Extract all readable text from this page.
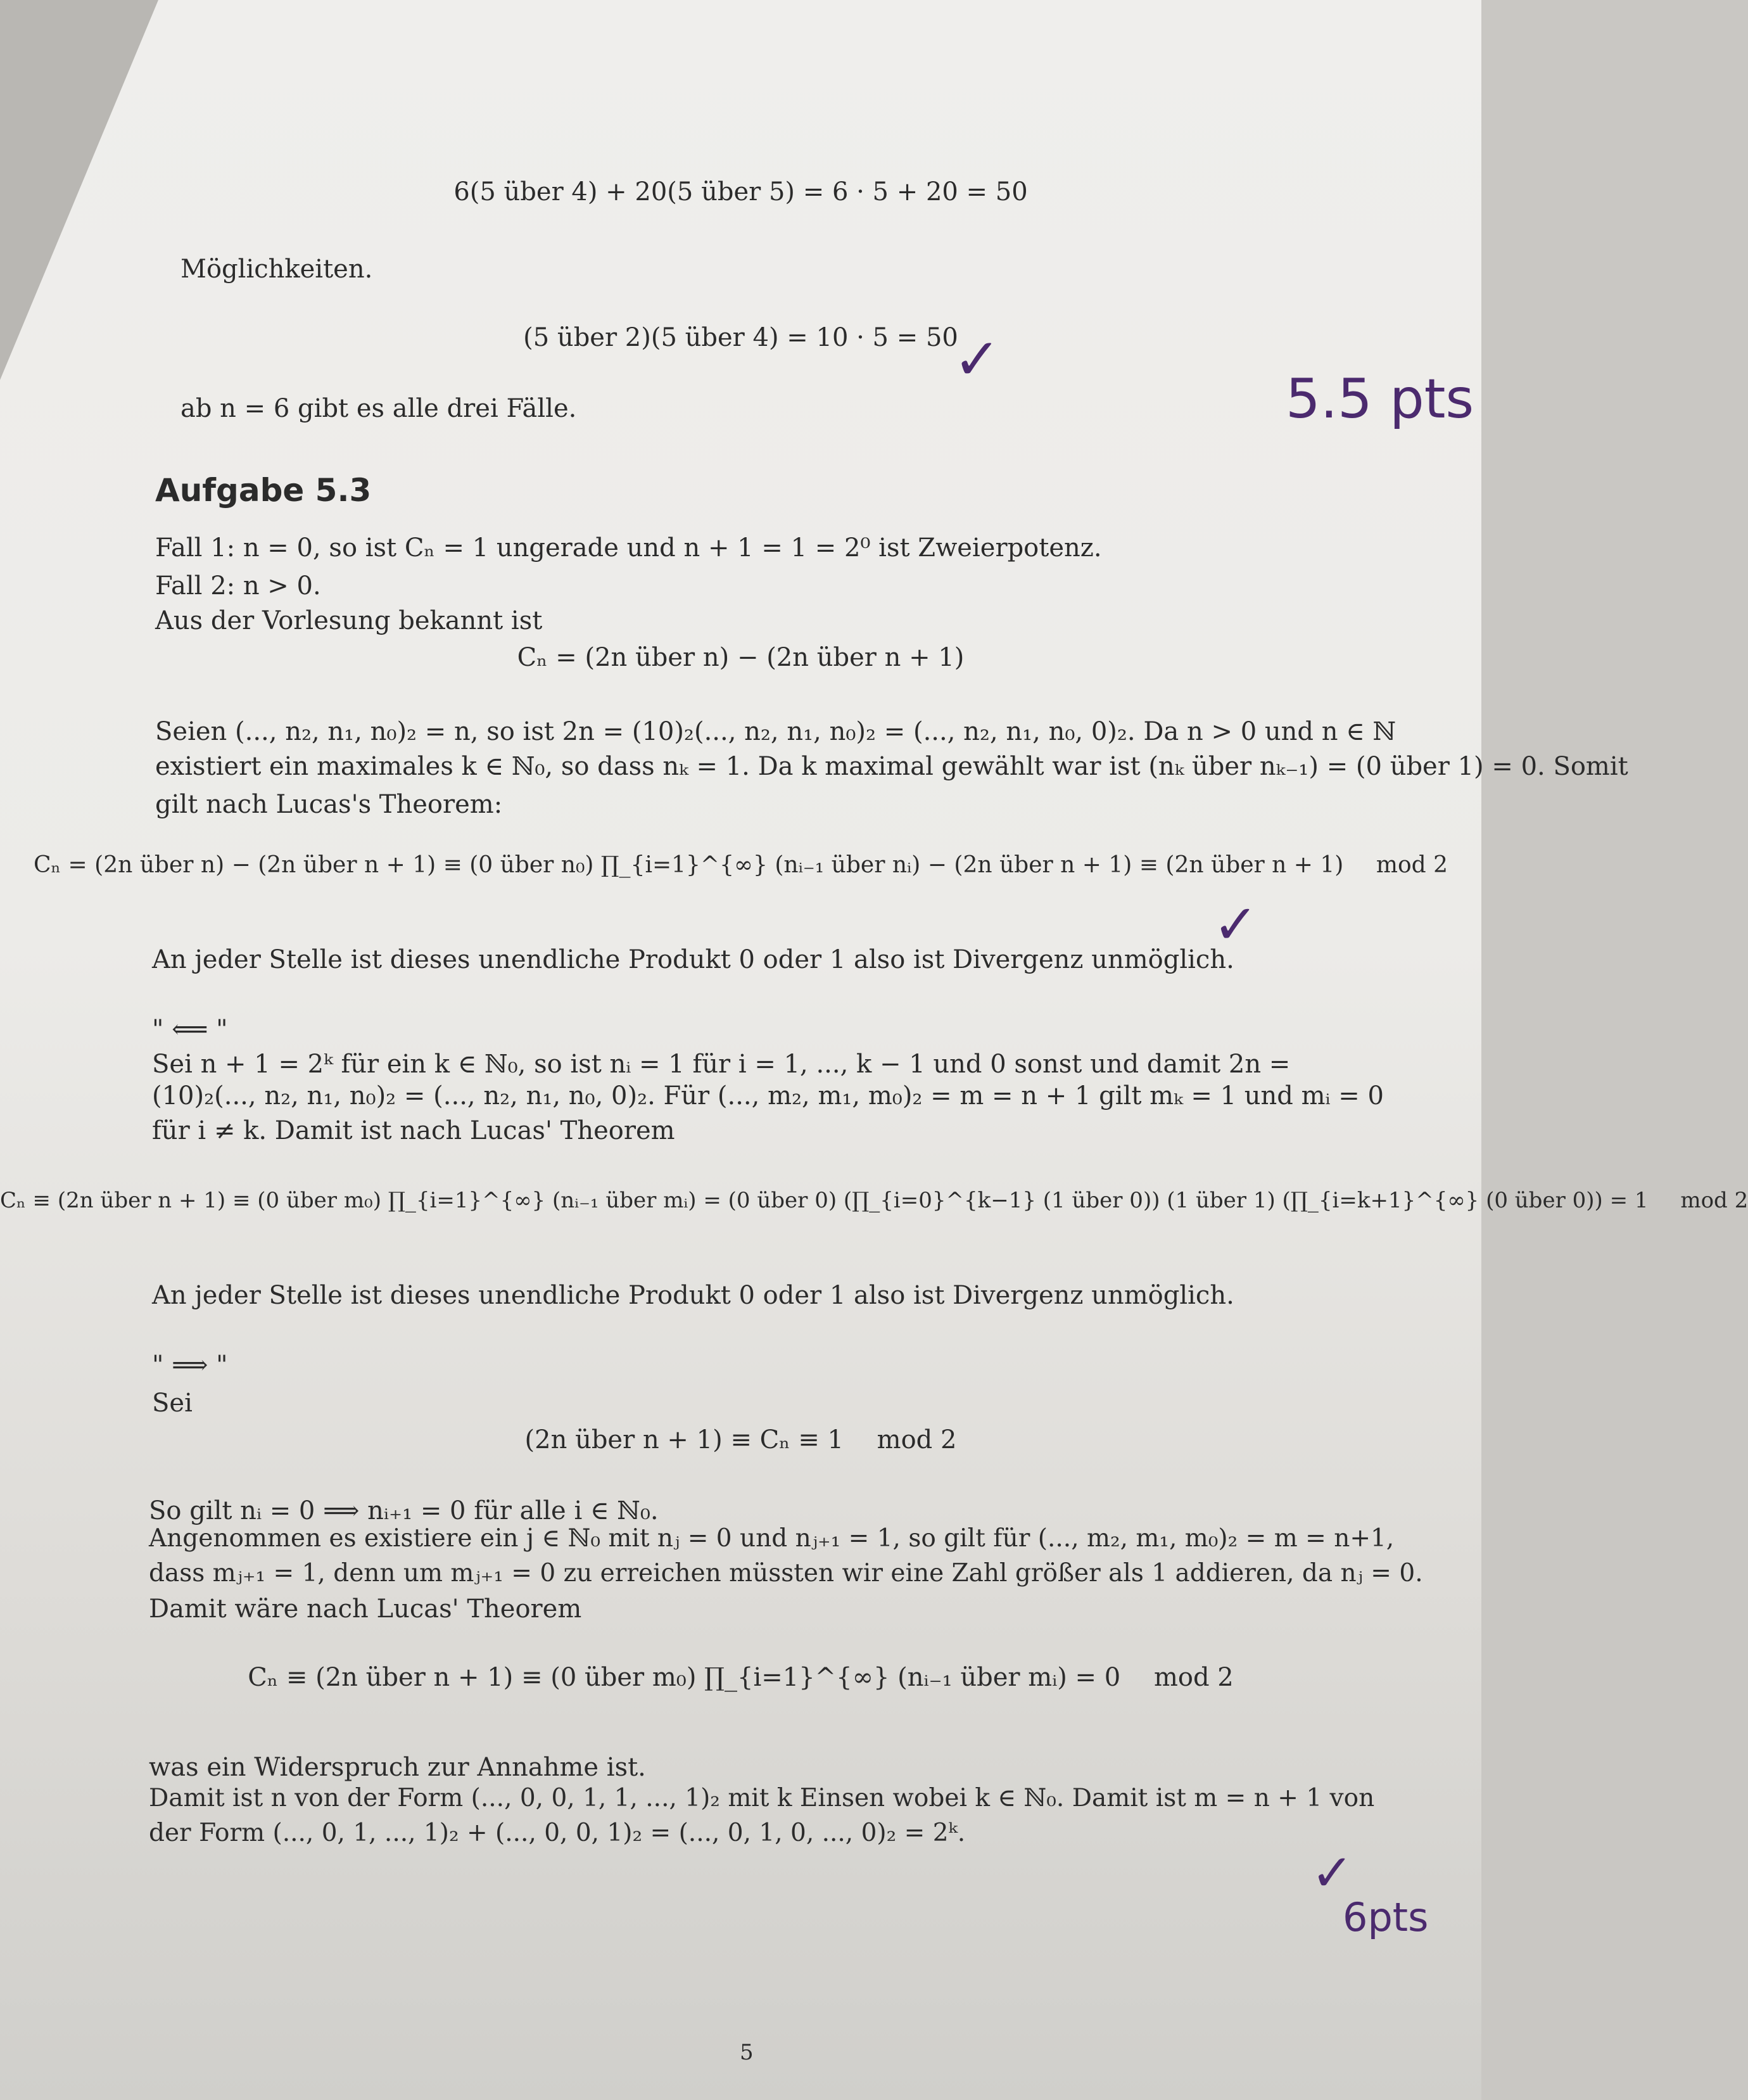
6(5 über 4) + 20(5 über 5) = 6 · 5 + 20 = 50
Möglichkeiten.
(5 über 2)(5 über 4) = 10 · 5 = 50
✓
5.5 pts
ab n = 6 gibt es alle drei Fälle.
Aufgabe 5.3
Fall 1: n = 0, so ist Cₙ = 1 ungerade und n + 1 = 1 = 2⁰ ist Zweierpotenz.
Fall 2: n > 0.
Aus der Vorlesung bekannt ist
Cₙ = (2n über n) − (2n über n + 1)
Seien (..., n₂, n₁, n₀)₂ = n, so ist 2n = (10)₂(..., n₂, n₁, n₀)₂ = (..., n₂, n₁, n₀, 0)₂. Da n > 0 und n ∈ ℕ
existiert ein maximales k ∈ ℕ₀, so dass nₖ = 1. Da k maximal gewählt war ist (nₖ über nₖ₋₁) = (0 über 1) = 0. Somit
gilt nach Lucas's Theorem:
Cₙ = (2n über n) − (2n über n + 1) ≡ (0 über n₀) ∏_{i=1}^{∞} (nᵢ₋₁ über nᵢ) − (2n über n + 1) ≡ (2n über n + 1) mod 2
✓
An jeder Stelle ist dieses unendliche Produkt 0 oder 1 also ist Divergenz unmöglich.
" ⟸ "
Sei n + 1 = 2ᵏ für ein k ∈ ℕ₀, so ist nᵢ = 1 für i = 1, ..., k − 1 und 0 sonst und damit 2n =
(10)₂(..., n₂, n₁, n₀)₂ = (..., n₂, n₁, n₀, 0)₂. Für (..., m₂, m₁, m₀)₂ = m = n + 1 gilt mₖ = 1 und mᵢ = 0
für i ≠ k. Damit ist nach Lucas' Theorem
Cₙ ≡ (2n über n + 1) ≡ (0 über m₀) ∏_{i=1}^{∞} (nᵢ₋₁ über mᵢ) = (0 über 0) (∏_{i=0}^{k−1} (1 über 0)) (1 über 1) (∏_{i=k+1}^{∞} (0 über 0)) = 1 mod 2
An jeder Stelle ist dieses unendliche Produkt 0 oder 1 also ist Divergenz unmöglich.
" ⟹ "
Sei
(2n über n + 1) ≡ Cₙ ≡ 1 mod 2
So gilt nᵢ = 0 ⟹ nᵢ₊₁ = 0 für alle i ∈ ℕ₀.
Angenommen es existiere ein j ∈ ℕ₀ mit nⱼ = 0 und nⱼ₊₁ = 1, so gilt für (..., m₂, m₁, m₀)₂ = m = n+1,
dass mⱼ₊₁ = 1, denn um mⱼ₊₁ = 0 zu erreichen müssten wir eine Zahl größer als 1 addieren, da nⱼ = 0.
Damit wäre nach Lucas' Theorem
Cₙ ≡ (2n über n + 1) ≡ (0 über m₀) ∏_{i=1}^{∞} (nᵢ₋₁ über mᵢ) = 0 mod 2
was ein Widerspruch zur Annahme ist.
Damit ist n von der Form (..., 0, 0, 1, 1, ..., 1)₂ mit k Einsen wobei k ∈ ℕ₀. Damit ist m = n + 1 von
der Form (..., 0, 1, ..., 1)₂ + (..., 0, 0, 1)₂ = (..., 0, 1, 0, ..., 0)₂ = 2ᵏ.
✓
6pts
5
